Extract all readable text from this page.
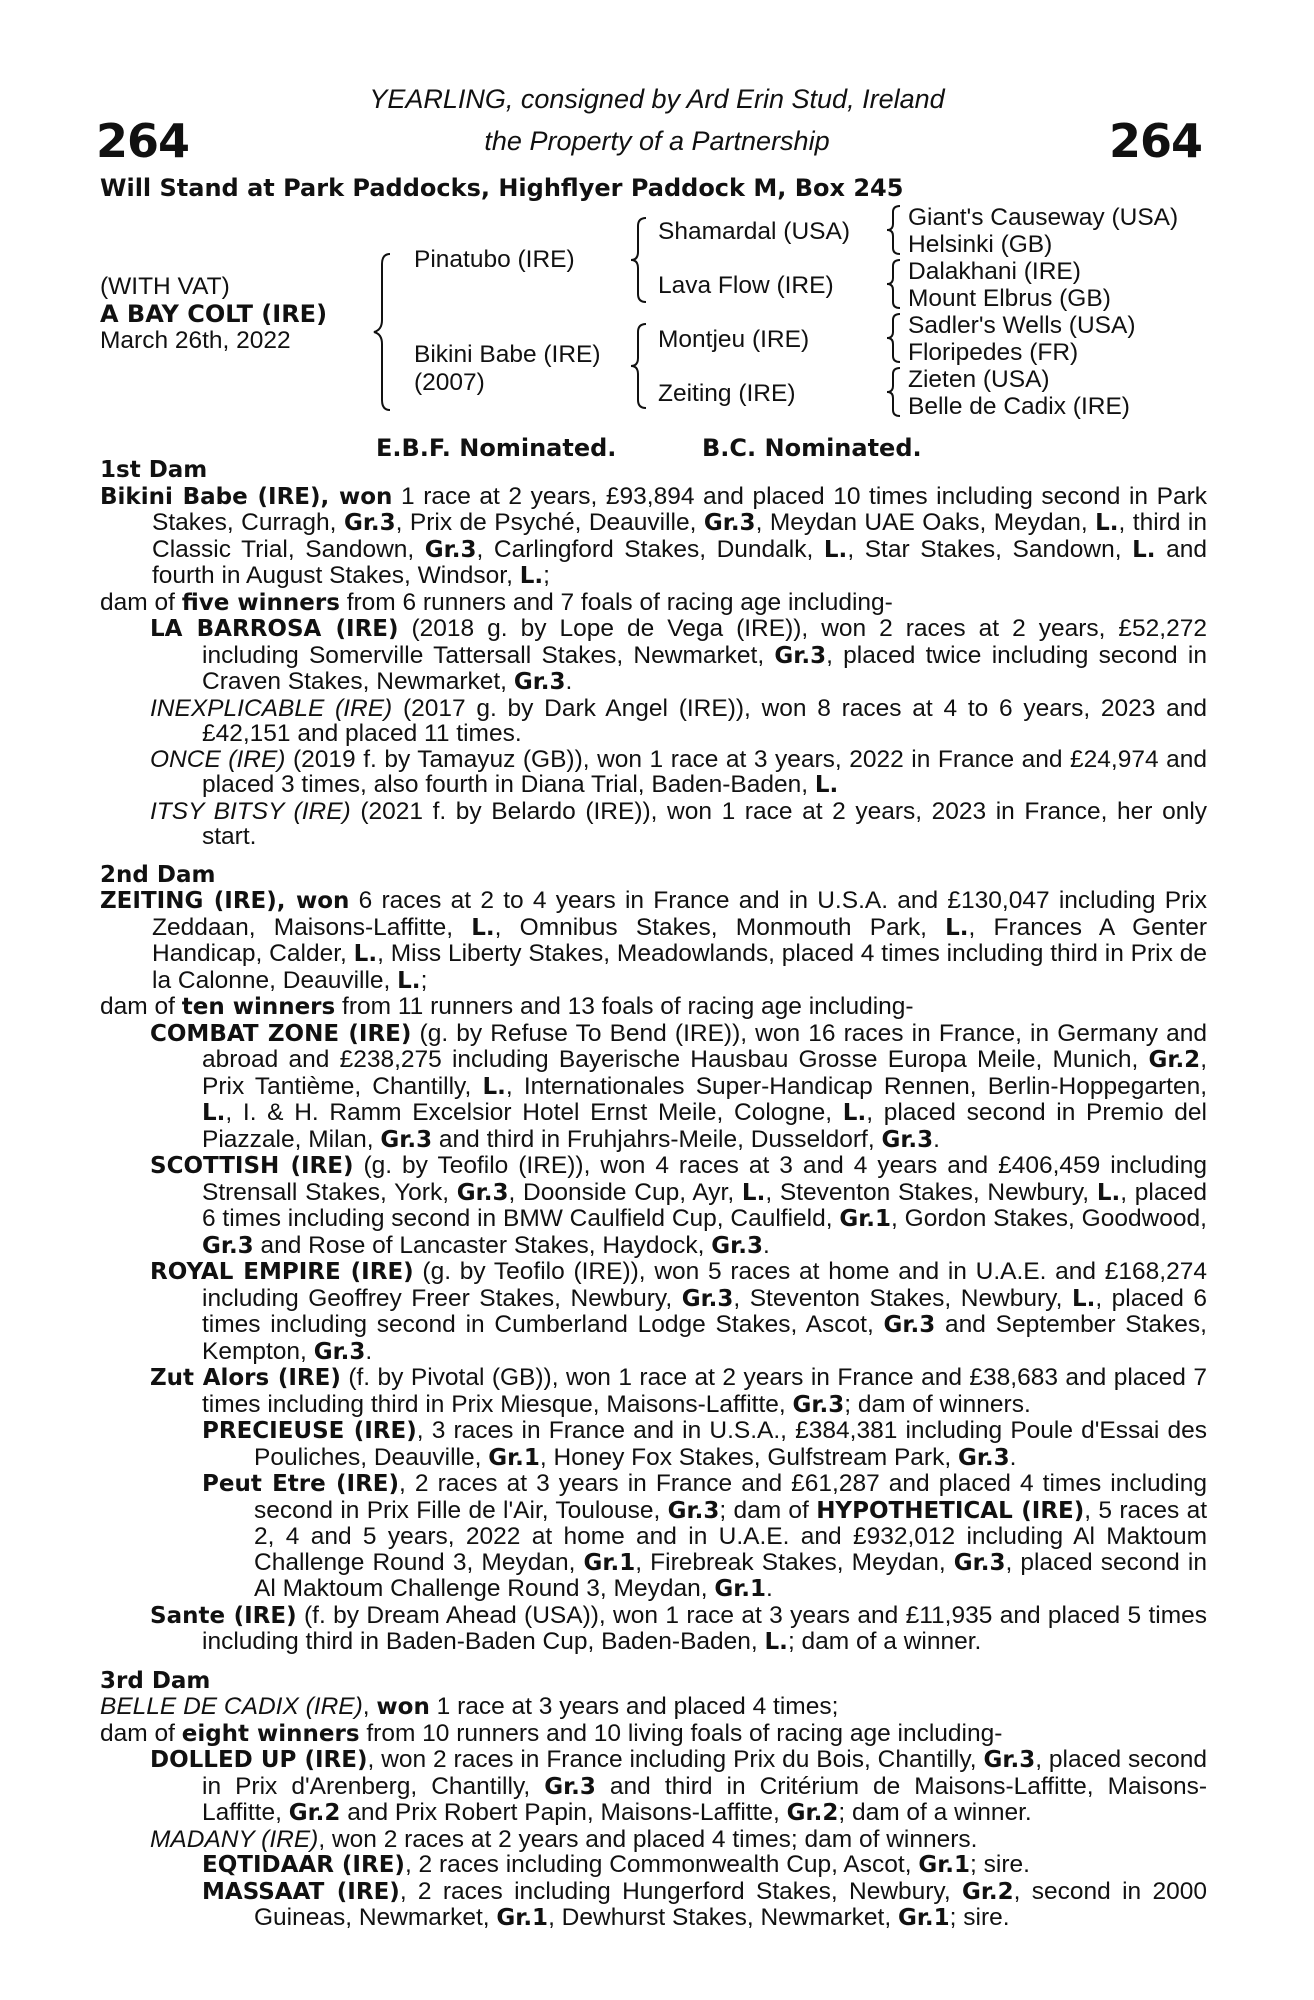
264	264
YEARLING, consigned by Ard Erin Stud, Ireland
the Property of a Partnership
Will Stand at Park Paddocks, Highflyer Paddock M, Box 245
(WITH VAT)
A BAY COLT (IRE)
March 26th, 2022
Pinatubo (IRE)
Bikini Babe (IRE)
(2007)
Shamardal (USA)
Lava Flow (IRE)
Montjeu (IRE)
Zeiting (IRE)
Giant's Causeway (USA)
Helsinki (GB)
Dalakhani (IRE)
Mount Elbrus (GB)
Sadler's Wells (USA)
Floripedes (FR)
Zieten (USA)
Belle de Cadix (IRE)
E.B.F. Nominated.	B.C. Nominated.
1st Dam
Bikini Babe (IRE), won 1 race at 2 years, £93,894 and placed 10 times including second in Park Stakes, Curragh, Gr.3, Prix de Psyché, Deauville, Gr.3, Meydan UAE Oaks, Meydan, L., third in Classic Trial, Sandown, Gr.3, Carlingford Stakes, Dundalk, L., Star Stakes, Sandown, L. and fourth in August Stakes, Windsor, L.;
dam of five winners from 6 runners and 7 foals of racing age including-
LA BARROSA (IRE) (2018 g. by Lope de Vega (IRE)), won 2 races at 2 years, £52,272 including Somerville Tattersall Stakes, Newmarket, Gr.3, placed twice including second in Craven Stakes, Newmarket, Gr.3.
INEXPLICABLE (IRE) (2017 g. by Dark Angel (IRE)), won 8 races at 4 to 6 years, 2023 and £42,151 and placed 11 times.
ONCE (IRE) (2019 f. by Tamayuz (GB)), won 1 race at 3 years, 2022 in France and £24,974 and placed 3 times, also fourth in Diana Trial, Baden-Baden, L.
ITSY BITSY (IRE) (2021 f. by Belardo (IRE)), won 1 race at 2 years, 2023 in France, her only start.
2nd Dam
ZEITING (IRE), won 6 races at 2 to 4 years in France and in U.S.A. and £130,047 including Prix Zeddaan, Maisons-Laffitte, L., Omnibus Stakes, Monmouth Park, L., Frances A Genter Handicap, Calder, L., Miss Liberty Stakes, Meadowlands, placed 4 times including third in Prix de la Calonne, Deauville, L.;
dam of ten winners from 11 runners and 13 foals of racing age including-
COMBAT ZONE (IRE) (g. by Refuse To Bend (IRE)), won 16 races in France, in Germany and abroad and £238,275 including Bayerische Hausbau Grosse Europa Meile, Munich, Gr.2, Prix Tantième, Chantilly, L., Internationales Super-Handicap Rennen, Berlin-Hoppegarten, L., I. & H. Ramm Excelsior Hotel Ernst Meile, Cologne, L., placed second in Premio del Piazzale, Milan, Gr.3 and third in Fruhjahrs-Meile, Dusseldorf, Gr.3.
SCOTTISH (IRE) (g. by Teofilo (IRE)), won 4 races at 3 and 4 years and £406,459 including Strensall Stakes, York, Gr.3, Doonside Cup, Ayr, L., Steventon Stakes, Newbury, L., placed 6 times including second in BMW Caulfield Cup, Caulfield, Gr.1, Gordon Stakes, Goodwood, Gr.3 and Rose of Lancaster Stakes, Haydock, Gr.3.
ROYAL EMPIRE (IRE) (g. by Teofilo (IRE)), won 5 races at home and in U.A.E. and £168,274 including Geoffrey Freer Stakes, Newbury, Gr.3, Steventon Stakes, Newbury, L., placed 6 times including second in Cumberland Lodge Stakes, Ascot, Gr.3 and September Stakes, Kempton, Gr.3.
Zut Alors (IRE) (f. by Pivotal (GB)), won 1 race at 2 years in France and £38,683 and placed 7 times including third in Prix Miesque, Maisons-Laffitte, Gr.3; dam of winners.
PRECIEUSE (IRE), 3 races in France and in U.S.A., £384,381 including Poule d'Essai des Pouliches, Deauville, Gr.1, Honey Fox Stakes, Gulfstream Park, Gr.3.
Peut Etre (IRE), 2 races at 3 years in France and £61,287 and placed 4 times including second in Prix Fille de l'Air, Toulouse, Gr.3; dam of HYPOTHETICAL (IRE), 5 races at 2, 4 and 5 years, 2022 at home and in U.A.E. and £932,012 including Al Maktoum Challenge Round 3, Meydan, Gr.1, Firebreak Stakes, Meydan, Gr.3, placed second in Al Maktoum Challenge Round 3, Meydan, Gr.1.
Sante (IRE) (f. by Dream Ahead (USA)), won 1 race at 3 years and £11,935 and placed 5 times including third in Baden-Baden Cup, Baden-Baden, L.; dam of a winner.
3rd Dam
BELLE DE CADIX (IRE), won 1 race at 3 years and placed 4 times;
dam of eight winners from 10 runners and 10 living foals of racing age including-
DOLLED UP (IRE), won 2 races in France including Prix du Bois, Chantilly, Gr.3, placed second in Prix d'Arenberg, Chantilly, Gr.3 and third in Critérium de Maisons-Laffitte, Maisons-Laffitte, Gr.2 and Prix Robert Papin, Maisons-Laffitte, Gr.2; dam of a winner.
MADANY (IRE), won 2 races at 2 years and placed 4 times; dam of winners.
EQTIDAAR (IRE), 2 races including Commonwealth Cup, Ascot, Gr.1; sire.
MASSAAT (IRE), 2 races including Hungerford Stakes, Newbury, Gr.2, second in 2000 Guineas, Newmarket, Gr.1, Dewhurst Stakes, Newmarket, Gr.1; sire.
